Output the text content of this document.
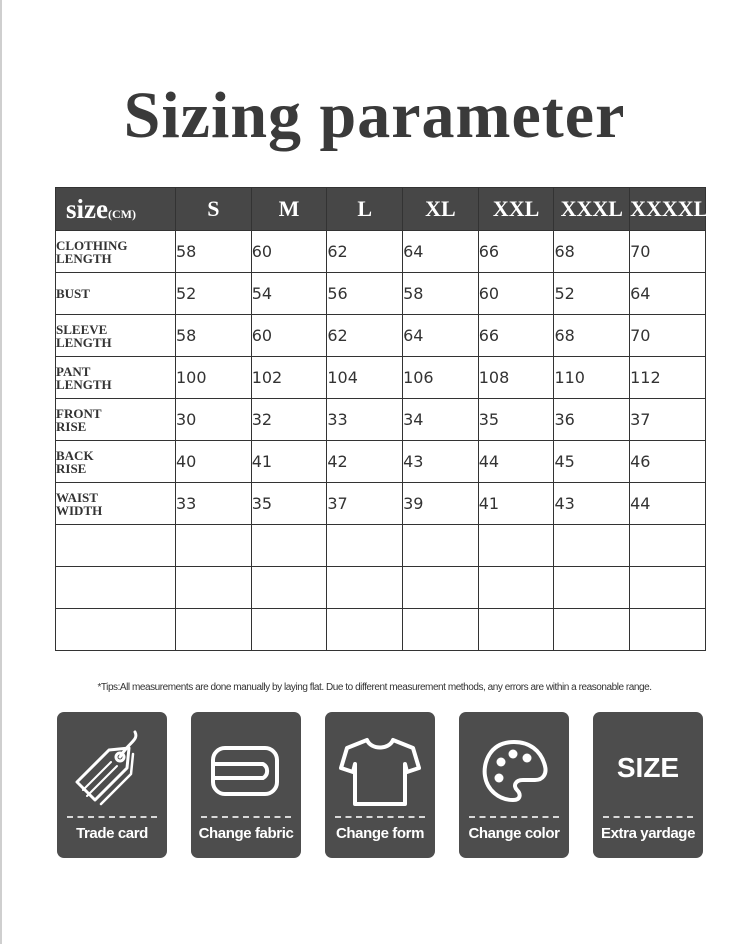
Sizing parameter
size(CM)	S	M	L	XL	XXL	XXXL	XXXXL

CLOTHING
LENGTH	58	60	62	64	66	68	70

BUST	52	54	56	58	60	52	64

SLEEVE
LENGTH	58	60	62	64	66	68	70

PANT
LENGTH	100	102	104	106	108	110	112

FRONT
RISE	30	32	33	34	35	36	37

BACK
RISE	40	41	42	43	44	45	46

WAIST
WIDTH	33	35	37	39	41	43	44

*Tips:All measurements are done manually by laying flat. Due to different measurement methods, any errors are within a reasonable range.
Trade card	Change fabric	Change form	Change color
SIZE
Extra yardage
